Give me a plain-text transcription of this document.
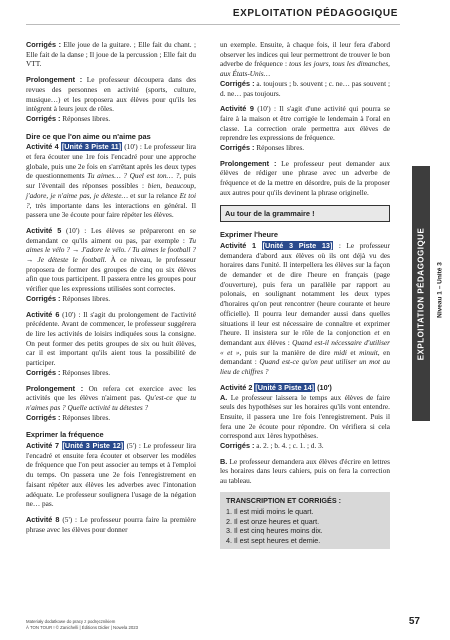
EXPLOITATION PÉDAGOGIQUE

Corrigés : Elle joue de la guitare. ; Elle fait du chant. ; Elle fait de la danse ; Il joue de la percussion ; Elle fait du VTT.

Prolongement : Le professeur découpera dans des revues des personnes en activité (sports, culture, musique…) et les proposera aux élèves pour qu'ils les intègrent à leurs jeux de rôles.
Corrigés : Réponses libres.

Dire ce que l'on aime ou n'aime pas

Activité 4 [Unité 3 Piste 11] (10') : Le professeur lira et fera écouter une 1re fois l'encadré pour une approche globale, puis une 2e fois en s'arrêtant après les deux types de questionnements Tu aimes… ? Quel est ton… ?, puis sur l'éventail des réponses possibles : bien, beaucoup, j'adore, je n'aime pas, je déteste… et sur la relance Et toi ?, très importante dans les interactions en général. Il passera une 3e écoute pour faire répéter les élèves.

Activité 5 (10') : Les élèves se prépareront en se demandant ce qu'ils aiment ou pas, par exemple : Tu aimes le vélo ? → J'adore le vélo. / Tu aimes le football ? → Je déteste le football. À ce niveau, le professeur proposera de former des groupes de cinq ou six élèves afin que tous participent. Il passera entre les groupes pour vérifier que les expressions utilisées sont correctes.
Corrigés : Réponses libres.

Activité 6 (10') : Il s'agit du prolongement de l'activité précédente. Avant de commencer, le professeur suggérera de lire les activités de loisirs indiquées sous la consigne. On peut former des petits groupes de six ou huit élèves, car il est important qu'ils aient tous la possibilité de participer.
Corrigés : Réponses libres.

Prolongement : On refera cet exercice avec les activités que les élèves n'aiment pas. Qu'est-ce que tu n'aimes pas ? Quelle activité tu détestes ?
Corrigés : Réponses libres.

Exprimer la fréquence

Activité 7 [Unité 3 Piste 12] (5') : Le professeur lira l'encadré et ensuite fera écouter et observer les modèles de fréquence que l'on peut associer au temps et à l'emploi du temps. On passera une 2e fois l'enregistrement en faisant répéter aux élèves les adverbes avec l'intonation adéquate. Le professeur soulignera l'usage de la négation ne… pas.

Activité 8 (5') : Le professeur pourra faire la première phrase avec les élèves pour donner

un exemple. Ensuite, à chaque fois, il leur fera d'abord observer les indices qui leur permettront de trouver le bon adverbe de fréquence : tous les jours, tous les dimanches, aux États-Unis…
Corrigés : a. toujours ; b. souvent ; c. ne… pas souvent ; d. ne… pas toujours.

Activité 9 (10') : Il s'agit d'une activité qui pourra se faire à la maison et être corrigée le lendemain à l'oral en classe. La correction orale permettra aux élèves de reprendre les expressions de fréquence.
Corrigés : Réponses libres.

Prolongement : Le professeur peut demander aux élèves de rédiger une phrase avec un adverbe de fréquence et de la mettre en désordre, puis de la proposer aux autres pour qu'ils devinent la phrase originelle.

Au tour de la grammaire !
Exprimer l'heure

Activité 1 [Unité 3 Piste 13] : Le professeur demandera d'abord aux élèves où ils ont déjà vu des horaires dans l'unité. Il interpellera les élèves sur la façon de demander et de dire l'heure en français (page d'ouverture), puis fera un parallèle par rapport au polonais, en soulignant notamment les deux types d'horaires qu'on peut rencontrer (heure courante et heure officielle). Il pourra leur demander aussi dans quelles situations il leur est nécessaire de connaître et exprimer l'heure. Il insistera sur le rôle de la conjonction et en demandant aux élèves : Quand est-il nécessaire d'utiliser « et », puis sur la manière de dire midi et minuit, en demandant : Quand est-ce qu'on peut utiliser un mot au lieu de chiffres ?

Activité 2 [Unité 3 Piste 14] (10')
A. Le professeur laissera le temps aux élèves de faire seuls des hypothèses sur les horaires qu'ils vont entendre. Ensuite, il passera une 1re fois l'enregistrement. Puis il fera une 2e écoute pour répondre. On vérifiera si cela correspond aux 1ères hypothèses.
Corrigés : a. 2. ; b. 4. ; c. 1. ; d. 3.

B. Le professeur demandera aux élèves d'écrire en lettres les horaires dans leurs cahiers, puis on fera la correction au tableau.

TRANSCRIPTION ET CORRIGÉS :
1. Il est midi moins le quart.
2. Il est onze heures et quart.
3. Il est cinq heures moins dix.
4. Il est sept heures et demie.
EXPLOITATION PÉDAGOGIQUE Niveau 1 – Unité 3
Materiały dodatkowe do pracy z podręcznikiem
À TON TOUR ! © Zanichelli | Éditions Didier | Nowela 2023	57
